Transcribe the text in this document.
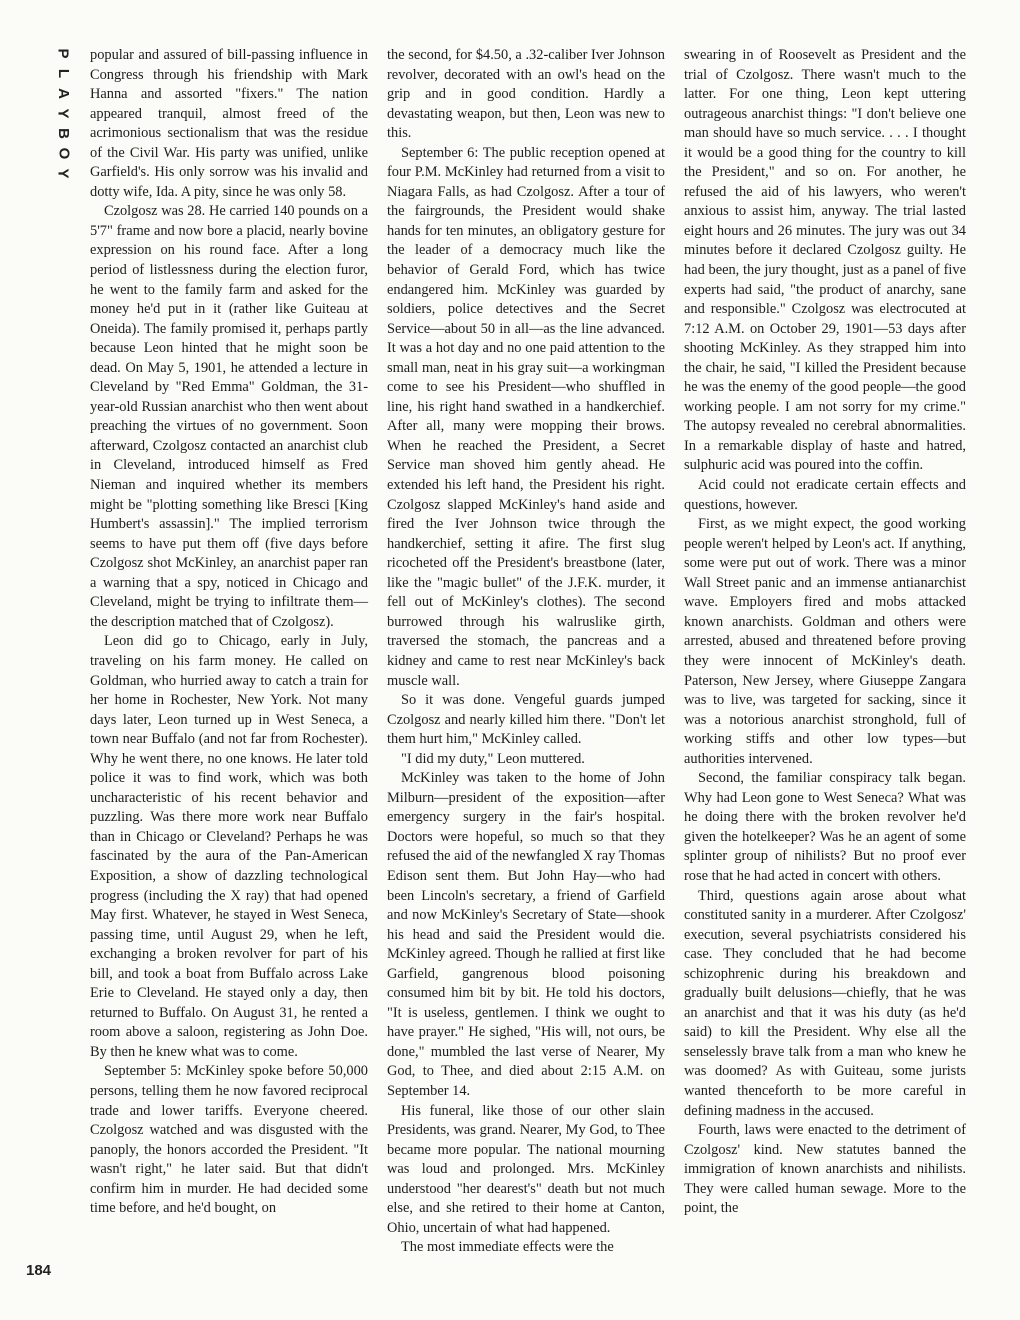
P
L
A
Y
B
O
Y

popular and assured of bill-passing influence in Congress through his friendship with Mark Hanna and assorted "fixers." The nation appeared tranquil, almost freed of the acrimonious sectionalism that was the residue of the Civil War. His party was unified, unlike Garfield's. His only sorrow was his invalid and dotty wife, Ida. A pity, since he was only 58.

Czolgosz was 28. He carried 140 pounds on a 5'7" frame and now bore a placid, nearly bovine expression on his round face. After a long period of listlessness during the election furor, he went to the family farm and asked for the money he'd put in it (rather like Guiteau at Oneida). The family promised it, perhaps partly because Leon hinted that he might soon be dead. On May 5, 1901, he attended a lecture in Cleveland by "Red Emma" Goldman, the 31-year-old Russian anarchist who then went about preaching the virtues of no government. Soon afterward, Czolgosz contacted an anarchist club in Cleveland, introduced himself as Fred Nieman and inquired whether its members might be "plotting something like Bresci [King Humbert's assassin]." The implied terrorism seems to have put them off (five days before Czolgosz shot McKinley, an anarchist paper ran a warning that a spy, noticed in Chicago and Cleveland, might be trying to infiltrate them—the description matched that of Czolgosz).

Leon did go to Chicago, early in July, traveling on his farm money. He called on Goldman, who hurried away to catch a train for her home in Rochester, New York. Not many days later, Leon turned up in West Seneca, a town near Buffalo (and not far from Rochester). Why he went there, no one knows. He later told police it was to find work, which was both uncharacteristic of his recent behavior and puzzling. Was there more work near Buffalo than in Chicago or Cleveland? Perhaps he was fascinated by the aura of the Pan-American Exposition, a show of dazzling technological progress (including the X ray) that had opened May first. Whatever, he stayed in West Seneca, passing time, until August 29, when he left, exchanging a broken revolver for part of his bill, and took a boat from Buffalo across Lake Erie to Cleveland. He stayed only a day, then returned to Buffalo. On August 31, he rented a room above a saloon, registering as John Doe. By then he knew what was to come.

September 5: McKinley spoke before 50,000 persons, telling them he now favored reciprocal trade and lower tariffs. Everyone cheered. Czolgosz watched and was disgusted with the panoply, the honors accorded the President. "It wasn't right," he later said. But that didn't confirm him in murder. He had decided some time before, and he'd bought, on

the second, for $4.50, a .32-caliber Iver Johnson revolver, decorated with an owl's head on the grip and in good condition. Hardly a devastating weapon, but then, Leon was new to this.

September 6: The public reception opened at four P.M. McKinley had returned from a visit to Niagara Falls, as had Czolgosz. After a tour of the fairgrounds, the President would shake hands for ten minutes, an obligatory gesture for the leader of a democracy much like the behavior of Gerald Ford, which has twice endangered him. McKinley was guarded by soldiers, police detectives and the Secret Service—about 50 in all—as the line advanced. It was a hot day and no one paid attention to the small man, neat in his gray suit—a workingman come to see his President—who shuffled in line, his right hand swathed in a handkerchief. After all, many were mopping their brows. When he reached the President, a Secret Service man shoved him gently ahead. He extended his left hand, the President his right. Czolgosz slapped McKinley's hand aside and fired the Iver Johnson twice through the handkerchief, setting it afire. The first slug ricocheted off the President's breastbone (later, like the "magic bullet" of the J.F.K. murder, it fell out of McKinley's clothes). The second burrowed through his walruslike girth, traversed the stomach, the pancreas and a kidney and came to rest near McKinley's back muscle wall.

So it was done. Vengeful guards jumped Czolgosz and nearly killed him there. "Don't let them hurt him," McKinley called.

"I did my duty," Leon muttered.

McKinley was taken to the home of John Milburn—president of the exposition—after emergency surgery in the fair's hospital. Doctors were hopeful, so much so that they refused the aid of the newfangled X ray Thomas Edison sent them. But John Hay—who had been Lincoln's secretary, a friend of Garfield and now McKinley's Secretary of State—shook his head and said the President would die. McKinley agreed. Though he rallied at first like Garfield, gangrenous blood poisoning consumed him bit by bit. He told his doctors, "It is useless, gentlemen. I think we ought to have prayer." He sighed, "His will, not ours, be done," mumbled the last verse of Nearer, My God, to Thee, and died about 2:15 A.M. on September 14.

His funeral, like those of our other slain Presidents, was grand. Nearer, My God, to Thee became more popular. The national mourning was loud and prolonged. Mrs. McKinley understood "her dearest's" death but not much else, and she retired to their home at Canton, Ohio, uncertain of what had happened.

The most immediate effects were the

swearing in of Roosevelt as President and the trial of Czolgosz. There wasn't much to the latter. For one thing, Leon kept uttering outrageous anarchist things: "I don't believe one man should have so much service. . . . I thought it would be a good thing for the country to kill the President," and so on. For another, he refused the aid of his lawyers, who weren't anxious to assist him, anyway. The trial lasted eight hours and 26 minutes. The jury was out 34 minutes before it declared Czolgosz guilty. He had been, the jury thought, just as a panel of five experts had said, "the product of anarchy, sane and responsible." Czolgosz was electrocuted at 7:12 A.M. on October 29, 1901—53 days after shooting McKinley. As they strapped him into the chair, he said, "I killed the President because he was the enemy of the good people—the good working people. I am not sorry for my crime." The autopsy revealed no cerebral abnormalities. In a remarkable display of haste and hatred, sulphuric acid was poured into the coffin.

Acid could not eradicate certain effects and questions, however.

First, as we might expect, the good working people weren't helped by Leon's act. If anything, some were put out of work. There was a minor Wall Street panic and an immense antianarchist wave. Employers fired and mobs attacked known anarchists. Goldman and others were arrested, abused and threatened before proving they were innocent of McKinley's death. Paterson, New Jersey, where Giuseppe Zangara was to live, was targeted for sacking, since it was a notorious anarchist stronghold, full of working stiffs and other low types—but authorities intervened.

Second, the familiar conspiracy talk began. Why had Leon gone to West Seneca? What was he doing there with the broken revolver he'd given the hotelkeeper? Was he an agent of some splinter group of nihilists? But no proof ever rose that he had acted in concert with others.

Third, questions again arose about what constituted sanity in a murderer. After Czolgosz' execution, several psychiatrists considered his case. They concluded that he had become schizophrenic during his breakdown and gradually built delusions—chiefly, that he was an anarchist and that it was his duty (as he'd said) to kill the President. Why else all the senselessly brave talk from a man who knew he was doomed? As with Guiteau, some jurists wanted thenceforth to be more careful in defining madness in the accused.

Fourth, laws were enacted to the detriment of Czolgosz' kind. New statutes banned the immigration of known anarchists and nihilists. They were called human sewage. More to the point, the

184
